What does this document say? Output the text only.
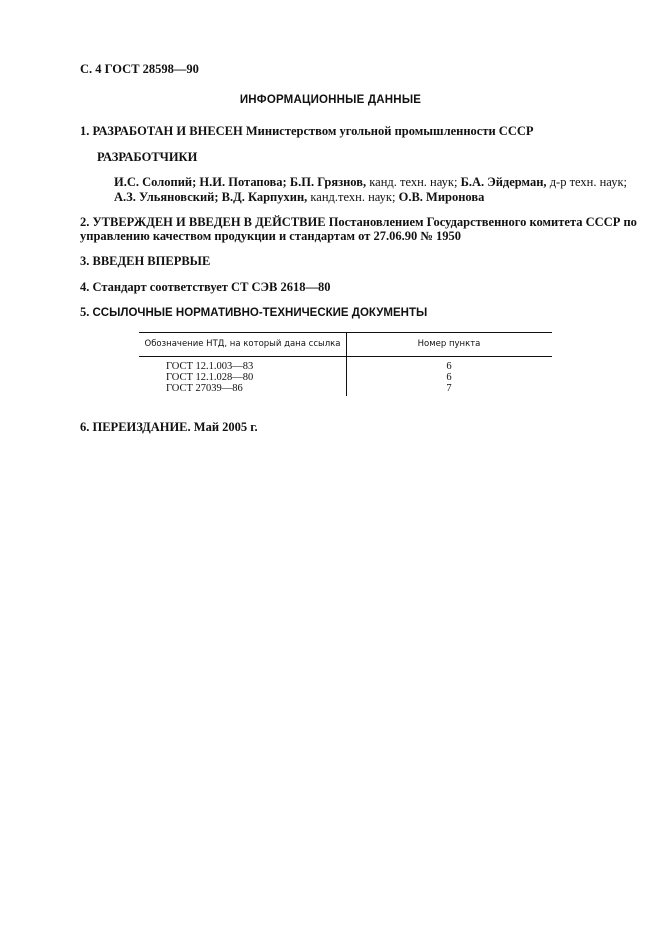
С. 4 ГОСТ 28598—90
ИНФОРМАЦИОННЫЕ ДАННЫЕ
1. РАЗРАБОТАН И ВНЕСЕН Министерством угольной промышленности СССР
РАЗРАБОТЧИКИ
И.С. Солопий; Н.И. Потапова; Б.П. Грязнов, канд. техн. наук; Б.А. Эйдерман, д-р техн. наук;
А.З. Ульяновский; В.Д. Карпухин, канд.техн. наук; О.В. Миронова
2. УТВЕРЖДЕН И ВВЕДЕН В ДЕЙСТВИЕ Постановлением Государственного комитета СССР по
управлению качеством продукции и стандартам от 27.06.90 № 1950
3. ВВЕДЕН ВПЕРВЫЕ
4. Стандарт соответствует СТ СЭВ 2618—80
5. ССЫЛОЧНЫЕ НОРМАТИВНО-ТЕХНИЧЕСКИЕ ДОКУМЕНТЫ
Обозначение НТД, на который дана ссылка	Номер пункта
ГОСТ 12.1.003—83	6
ГОСТ 12.1.028—80	6
ГОСТ 27039—86	7
6. ПЕРЕИЗДАНИЕ. Май 2005 г.
